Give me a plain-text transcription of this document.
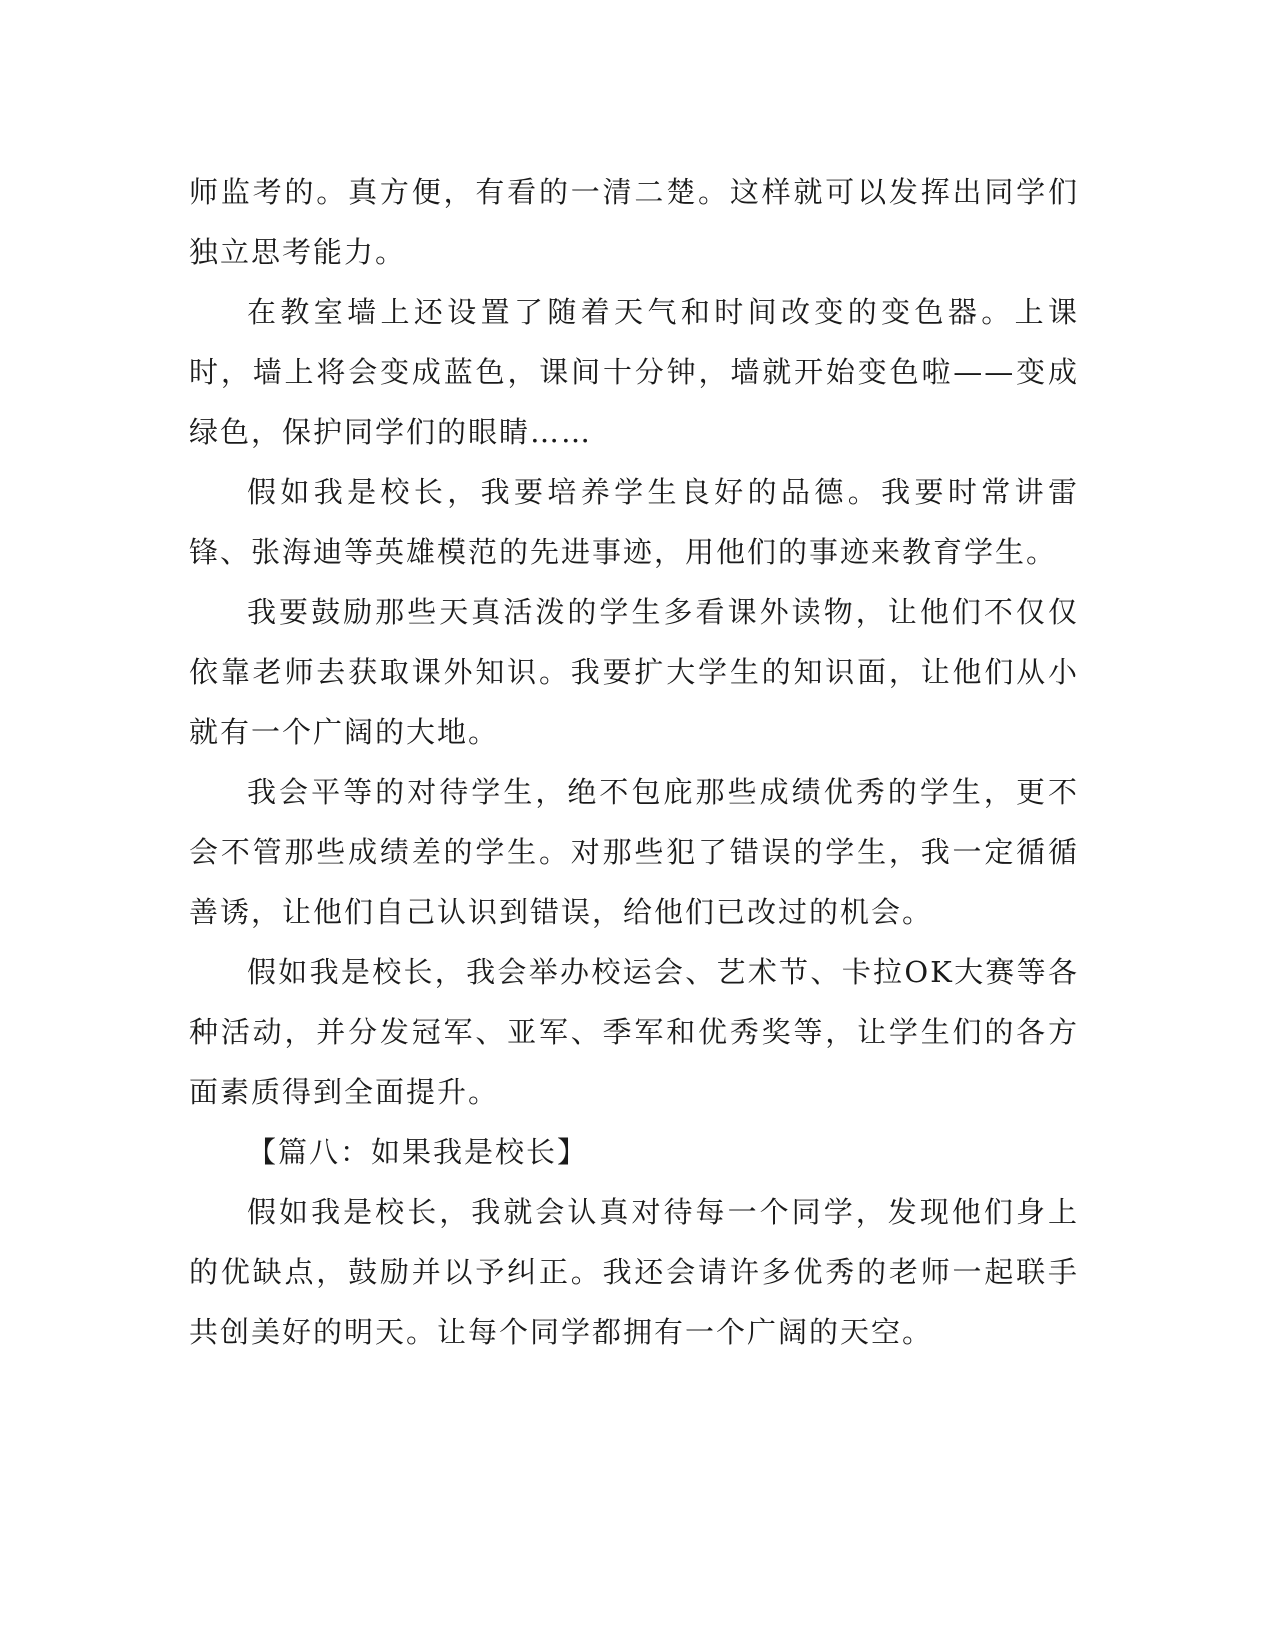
师监考的。真方便，有看的一清二楚。这样就可以发挥出同学们独立思考能力。

在教室墙上还设置了随着天气和时间改变的变色器。上课时，墙上将会变成蓝色，课间十分钟，墙就开始变色啦——变成绿色，保护同学们的眼睛……

假如我是校长，我要培养学生良好的品德。我要时常讲雷锋、张海迪等英雄模范的先进事迹，用他们的事迹来教育学生。

我要鼓励那些天真活泼的学生多看课外读物，让他们不仅仅依靠老师去获取课外知识。我要扩大学生的知识面，让他们从小就有一个广阔的大地。

我会平等的对待学生，绝不包庇那些成绩优秀的学生，更不会不管那些成绩差的学生。对那些犯了错误的学生，我一定循循善诱，让他们自己认识到错误，给他们已改过的机会。

假如我是校长，我会举办校运会、艺术节、卡拉OK大赛等各种活动，并分发冠军、亚军、季军和优秀奖等，让学生们的各方面素质得到全面提升。

【篇八：如果我是校长】

假如我是校长，我就会认真对待每一个同学，发现他们身上的优缺点，鼓励并以予纠正。我还会请许多优秀的老师一起联手共创美好的明天。让每个同学都拥有一个广阔的天空。
